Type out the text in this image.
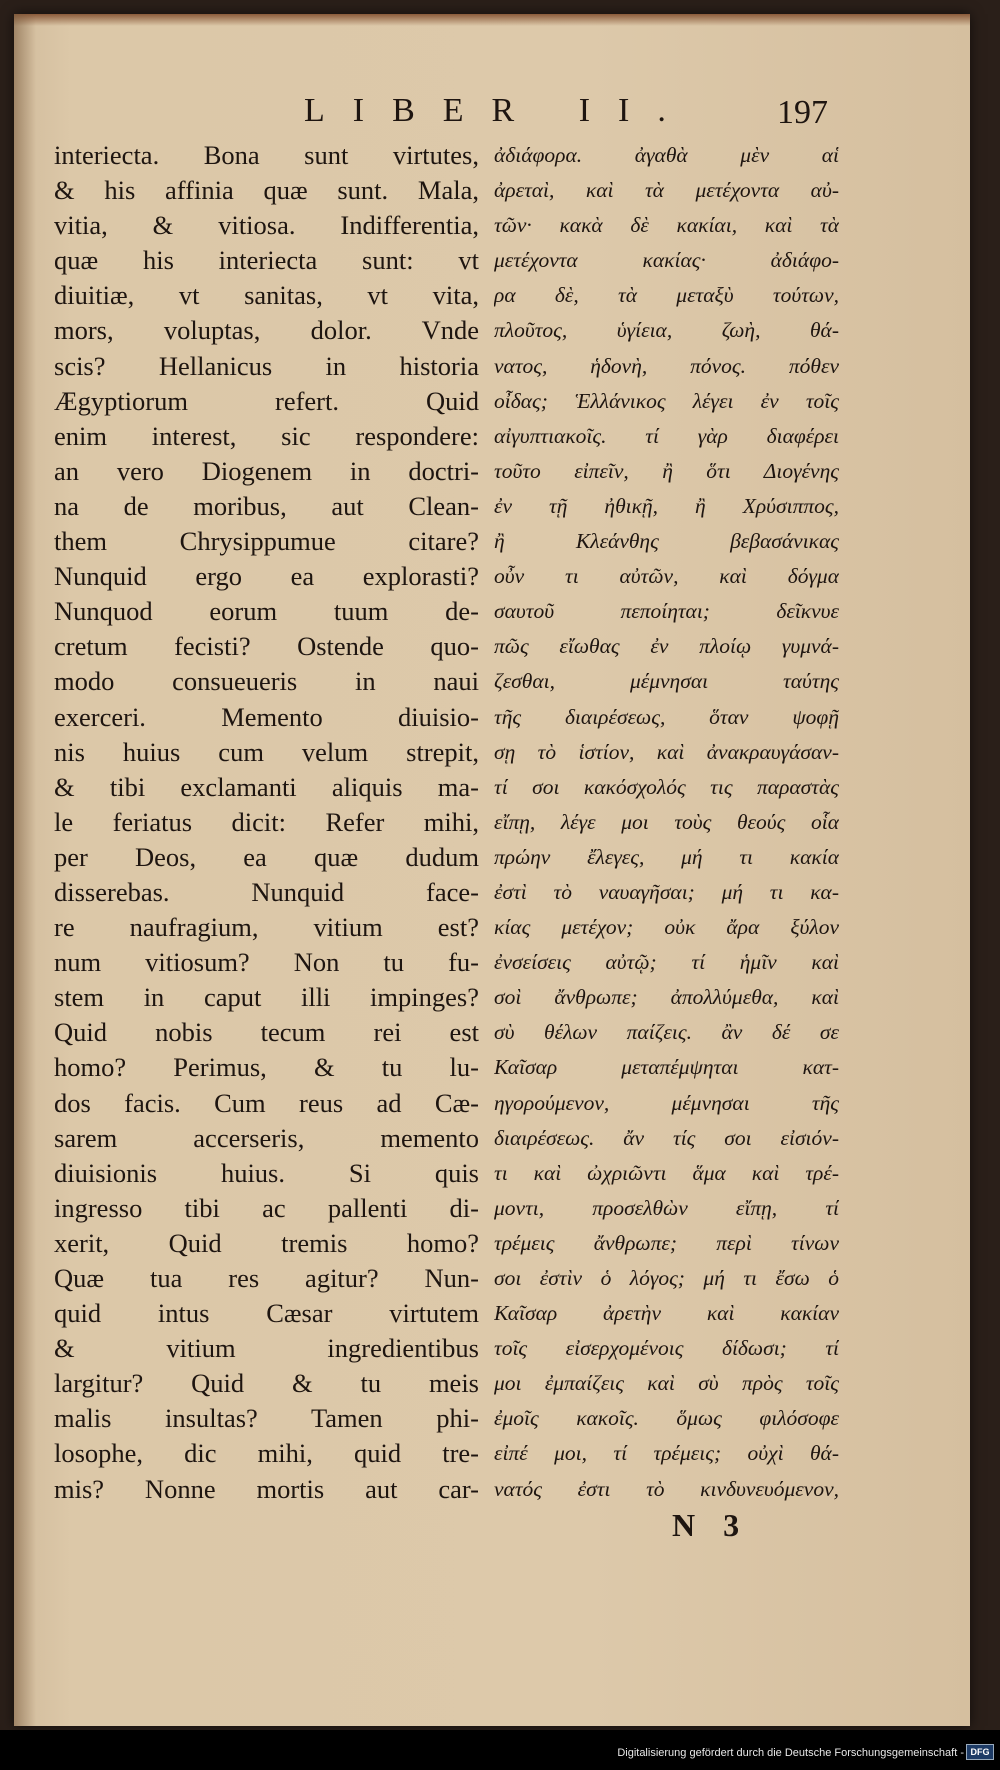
LIBER II. 197
interiecta. Bona sunt virtutes,
& his affinia quæ sunt. Mala,
vitia, & vitiosa. Indifferentia,
quæ his interiecta sunt: vt
diuitiæ, vt sanitas, vt vita,
mors, voluptas, dolor. Vnde
scis? Hellanicus in historia
Ægyptiorum refert. Quid
enim interest, sic respondere:
an vero Diogenem in doctri-
na de moribus, aut Clean-
them Chrysippumue citare?
Nunquid ergo ea explorasti?
Nunquod eorum tuum de-
cretum fecisti? Ostende quo-
modo consueueris in naui
exerceri. Memento diuisio-
nis huius cum velum strepit,
& tibi exclamanti aliquis ma-
le feriatus dicit: Refer mihi,
per Deos, ea quæ dudum
disserebas. Nunquid face-
re naufragium, vitium est?
num vitiosum? Non tu fu-
stem in caput illi impinges?
Quid nobis tecum rei est
homo? Perimus, & tu lu-
dos facis. Cum reus ad Cæ-
sarem accerseris, memento
diuisionis huius. Si quis
ingresso tibi ac pallenti di-
xerit, Quid tremis homo?
Quæ tua res agitur? Nun-
quid intus Cæsar virtutem
& vitium ingredientibus
largitur? Quid & tu meis
malis insultas? Tamen phi-
losophe, dic mihi, quid tre-
mis? Nonne mortis aut car-
ἀδιάφορα. ἀγαθὰ μὲν αἱ
ἀρεταὶ, καὶ τὰ μετέχοντα αὐ-
τῶν· κακὰ δὲ κακίαι, καὶ τὰ
μετέχοντα κακίας· ἀδιάφο-
ρα δὲ, τὰ μεταξὺ τούτων,
πλοῦτος, ὑγίεια, ζωὴ, θά-
νατος, ἡδονὴ, πόνος. πόθεν
οἶδας; Ἑλλάνικος λέγει ἐν τοῖς
αἰγυπτιακοῖς. τί γὰρ διαφέρει
τοῦτο εἰπεῖν, ἢ ὅτι Διογένης
ἐν τῇ ἠθικῇ, ἢ Χρύσιππος,
ἢ Κλεάνθης βεβασάνικας
οὖν τι αὐτῶν, καὶ δόγμα
σαυτοῦ πεποίηται; δεῖκνυε
πῶς εἴωθας ἐν πλοίῳ γυμνά-
ζεσθαι, μέμνησαι ταύτης
τῆς διαιρέσεως, ὅταν ψοφῇ
σῃ τὸ ἱστίον, καὶ ἀνακραυγάσαν-
τί σοι κακόσχολός τις παραστὰς
εἴπῃ, λέγε μοι τοὺς θεούς οἷα
πρώην ἔλεγες, μή τι κακία
ἐστὶ τὸ ναυαγῆσαι; μή τι κα-
κίας μετέχον; οὐκ ἄρα ξύλον
ἐνσείσεις αὐτῷ; τί ἡμῖν καὶ
σοὶ ἄνθρωπε; ἀπολλύμεθα, καὶ
σὺ θέλων παίζεις. ἂν δέ σε
Καῖσαρ μεταπέμψηται κατ-
ηγορούμενον, μέμνησαι τῆς
διαιρέσεως. ἄν τίς σοι εἰσιόν-
τι καὶ ὠχριῶντι ἅμα καὶ τρέ-
μοντι, προσελθὼν εἴπῃ, τί
τρέμεις ἄνθρωπε; περὶ τίνων
σοι ἐστὶν ὁ λόγος; μή τι ἔσω ὁ
Καῖσαρ ἀρετὴν καὶ κακίαν
τοῖς εἰσερχομένοις δίδωσι; τί
μοι ἐμπαίζεις καὶ σὺ πρὸς τοῖς
ἐμοῖς κακοῖς. ὅμως φιλόσοφε
εἰπέ μοι, τί τρέμεις; οὐχὶ θά-
νατός ἐστι τὸ κινδυνευόμενον,
N 3
Digitalisierung gefördert durch die Deutsche Forschungsgemeinschaft - DFG
